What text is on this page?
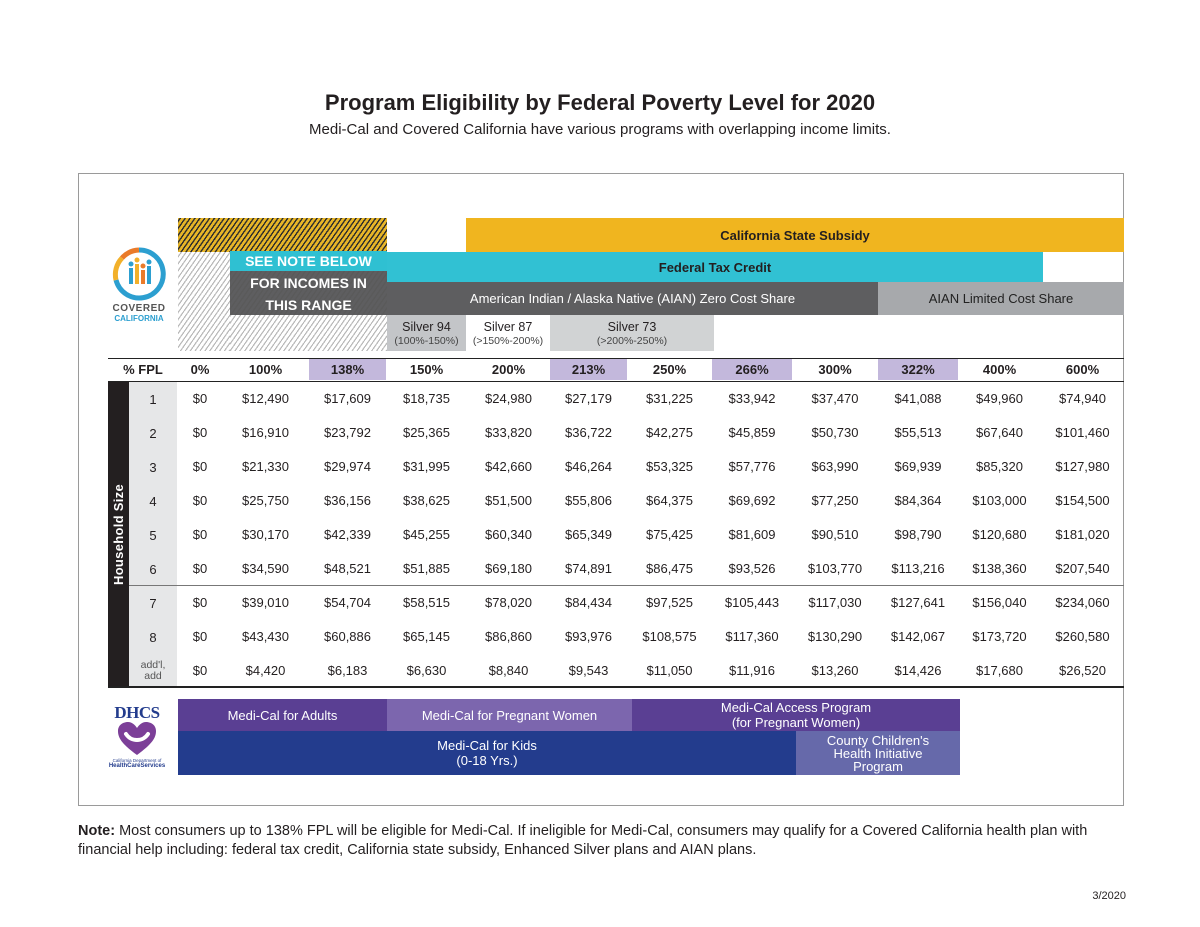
Program Eligibility by Federal Poverty Level for 2020
Medi-Cal and Covered California have various programs with overlapping income limits.
COVERED
CALIFORNIA
California State Subsidy
Federal Tax Credit
American Indian / Alaska Native (AIAN) Zero Cost Share	AIAN Limited Cost Share
SEE NOTE BELOW
FOR INCOMES IN
THIS RANGE
Silver 94
(100%-150%)
Silver 87
(>150%-200%)
Silver 73
(>200%-250%)
% FPL	0%	100%	138%	150%	200%	213%	250%	266%	300%	322%	400%	600%
Household Size
1	$0	$12,490	$17,609	$18,735	$24,980	$27,179	$31,225	$33,942	$37,470	$41,088	$49,960	$74,940
2	$0	$16,910	$23,792	$25,365	$33,820	$36,722	$42,275	$45,859	$50,730	$55,513	$67,640	$101,460
3	$0	$21,330	$29,974	$31,995	$42,660	$46,264	$53,325	$57,776	$63,990	$69,939	$85,320	$127,980
4	$0	$25,750	$36,156	$38,625	$51,500	$55,806	$64,375	$69,692	$77,250	$84,364	$103,000	$154,500
5	$0	$30,170	$42,339	$45,255	$60,340	$65,349	$75,425	$81,609	$90,510	$98,790	$120,680	$181,020
6	$0	$34,590	$48,521	$51,885	$69,180	$74,891	$86,475	$93,526	$103,770	$113,216	$138,360	$207,540
7	$0	$39,010	$54,704	$58,515	$78,020	$84,434	$97,525	$105,443	$117,030	$127,641	$156,040	$234,060
8	$0	$43,430	$60,886	$65,145	$86,860	$93,976	$108,575	$117,360	$130,290	$142,067	$173,720	$260,580
add'l,
add	$0	$4,420	$6,183	$6,630	$8,840	$9,543	$11,050	$11,916	$13,260	$14,426	$17,680	$26,520
DHCS
California Department of
HealthCareServices
Medi-Cal for Adults	Medi-Cal for Pregnant Women	Medi-Cal Access Program
(for Pregnant Women)
Medi-Cal for Kids
(0-18 Yrs.)
County Children's
Health Initiative
Program
Note: Most consumers up to 138% FPL will be eligible for Medi-Cal. If ineligible for Medi-Cal, consumers may qualify for a Covered California health plan with financial help including: federal tax credit, California state subsidy, Enhanced Silver plans and AIAN plans.
3/2020
